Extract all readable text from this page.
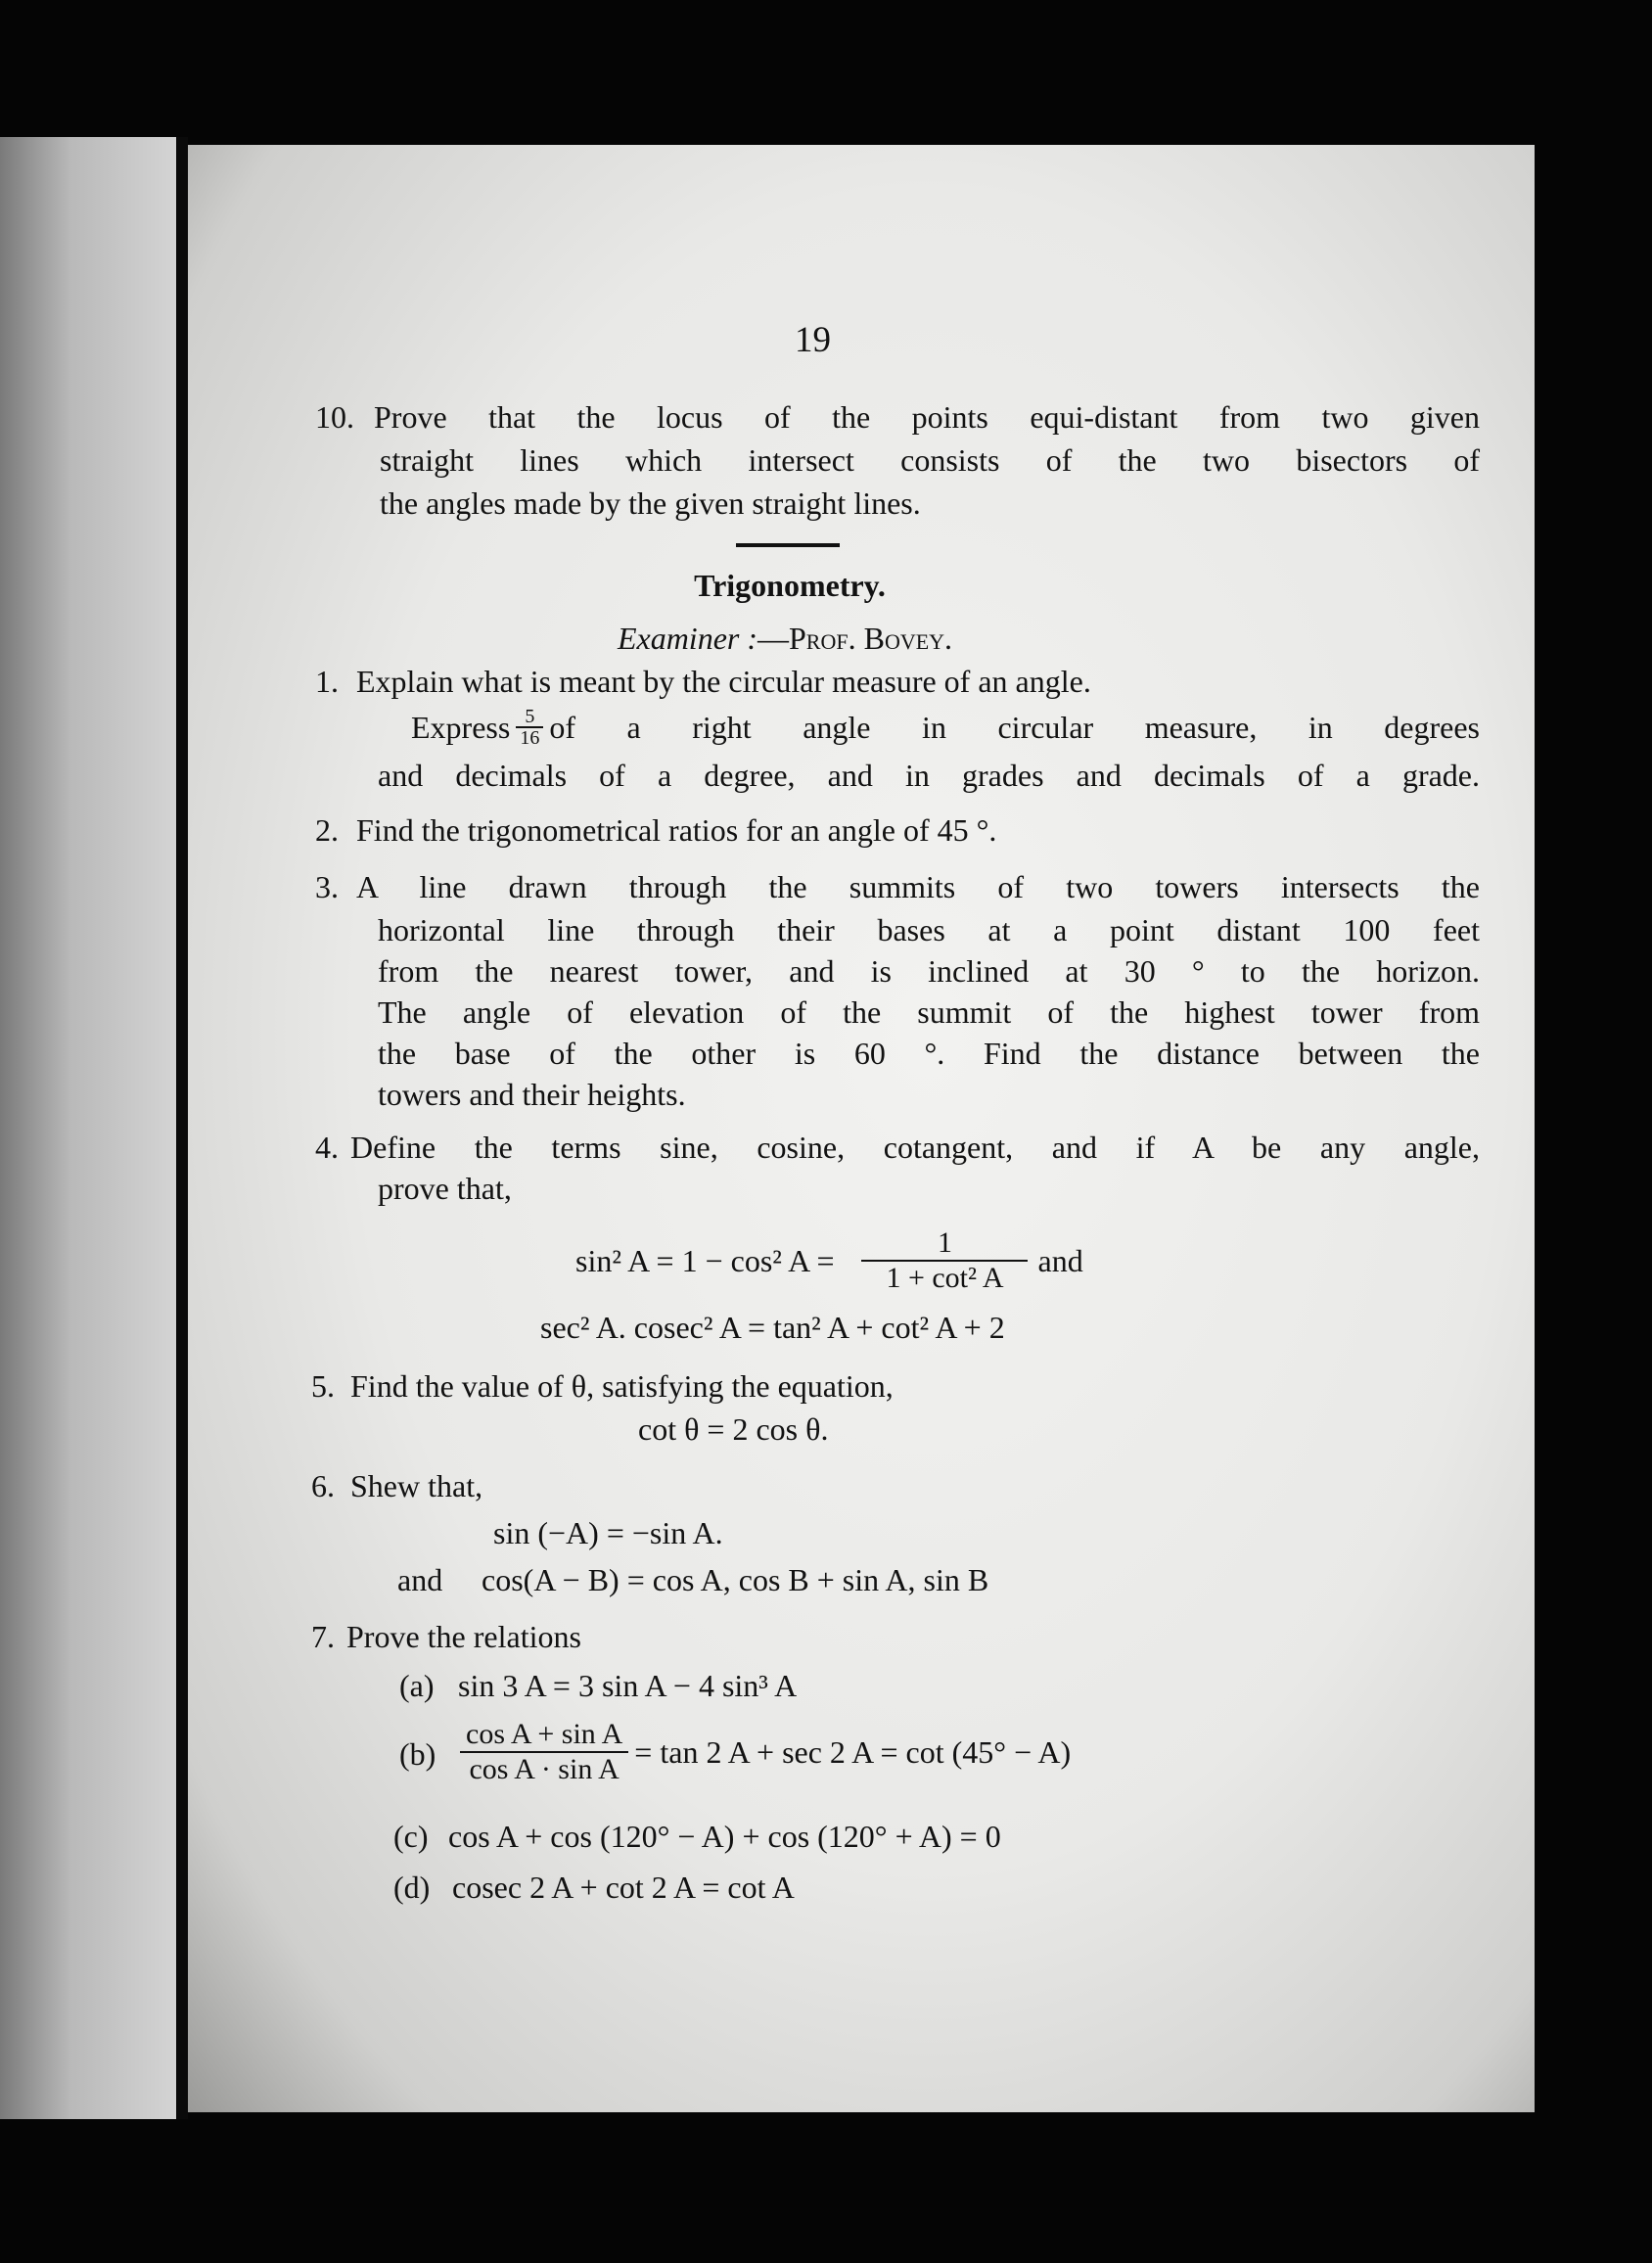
19
10. Prove that the locus of the points equi-distant from two given
straight lines which intersect consists of the two bisectors of
the angles made by the given straight lines.
Trigonometry.
Examiner :—Prof. Bovey.
1. Explain what is meant by the circular measure of an angle.
Express $\frac{5}{16}$ of a right angle in circular measure, in degrees
and decimals of a degree, and in grades and decimals of a grade.
2. Find the trigonometrical ratios for an angle of 45 °.
3. A line drawn through the summits of two towers intersects the
horizontal line through their bases at a point distant 100 feet
from the nearest tower, and is inclined at 30 ° to the horizon.
The angle of elevation of the summit of the highest tower from
the base of the other is 60 °. Find the distance between the
towers and their heights.
4. Define the terms sine, cosine, cotangent, and if A be any angle,
prove that,
sin² A = 1 − cos² $A = \frac{1}{\text{1 + cot² A}}$ and
sec² A. cosec² A = tan² A + cot² A + 2
5. Find the value of θ, satisfying the equation,
cot θ = 2 cos θ.
6. Shew that,
sin (−A) = −sin A.
and cos(A − B) = cos A, cos B + sin A, sin B
7. Prove the relations
(a) sin 3 A = 3 sin A − 4 sin³ A
$(b) \frac{\text{cos A + sin A}}{\text{cos A · sin A}} = \tan 2$ A + sec 2 A = cot (45° − A)
(c) cos A + cos (120° − A) + cos (120° + A) = 0
(d) cosec 2 A + cot 2 A = cot A
